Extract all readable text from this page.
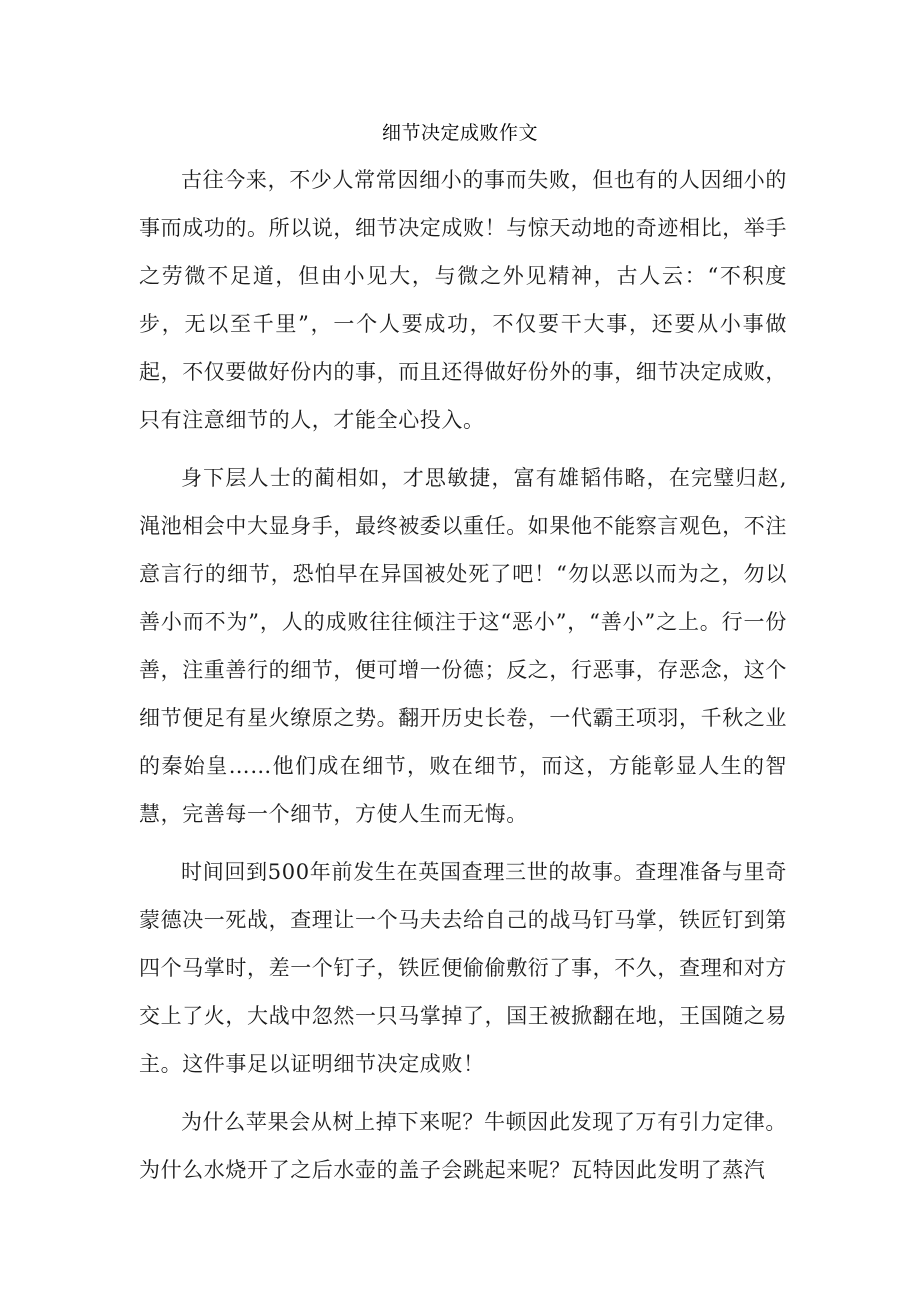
细节决定成败作文

古往今来，不少人常常因细小的事而失败，但也有的人因细小的事而成功的。所以说，细节决定成败！与惊天动地的奇迹相比，举手之劳微不足道，但由小见大，与微之外见精神，古人云：“不积度步，无以至千里”，一个人要成功，不仅要干大事，还要从小事做起，不仅要做好份内的事，而且还得做好份外的事，细节决定成败，只有注意细节的人，才能全心投入。

身下层人士的蔺相如，才思敏捷，富有雄韬伟略，在完璧归赵,渑池相会中大显身手，最终被委以重任。如果他不能察言观色，不注意言行的细节，恐怕早在异国被处死了吧！“勿以恶以而为之，勿以善小而不为”，人的成败往往倾注于这“恶小”，“善小”之上。行一份善，注重善行的细节，便可增一份德；反之，行恶事，存恶念，这个细节便足有星火缭原之势。翻开历史长卷，一代霸王项羽，千秋之业的秦始皇……他们成在细节，败在细节，而这，方能彰显人生的智慧，完善每一个细节，方使人生而无悔。

时间回到500年前发生在英国查理三世的故事。查理准备与里奇蒙德决一死战，查理让一个马夫去给自己的战马钉马掌，铁匠钉到第四个马掌时，差一个钉子，铁匠便偷偷敷衍了事，不久，查理和对方交上了火，大战中忽然一只马掌掉了，国王被掀翻在地，王国随之易主。这件事足以证明细节决定成败！

为什么苹果会从树上掉下来呢？牛顿因此发现了万有引力定律。为什么水烧开了之后水壶的盖子会跳起来呢？瓦特因此发明了蒸汽
